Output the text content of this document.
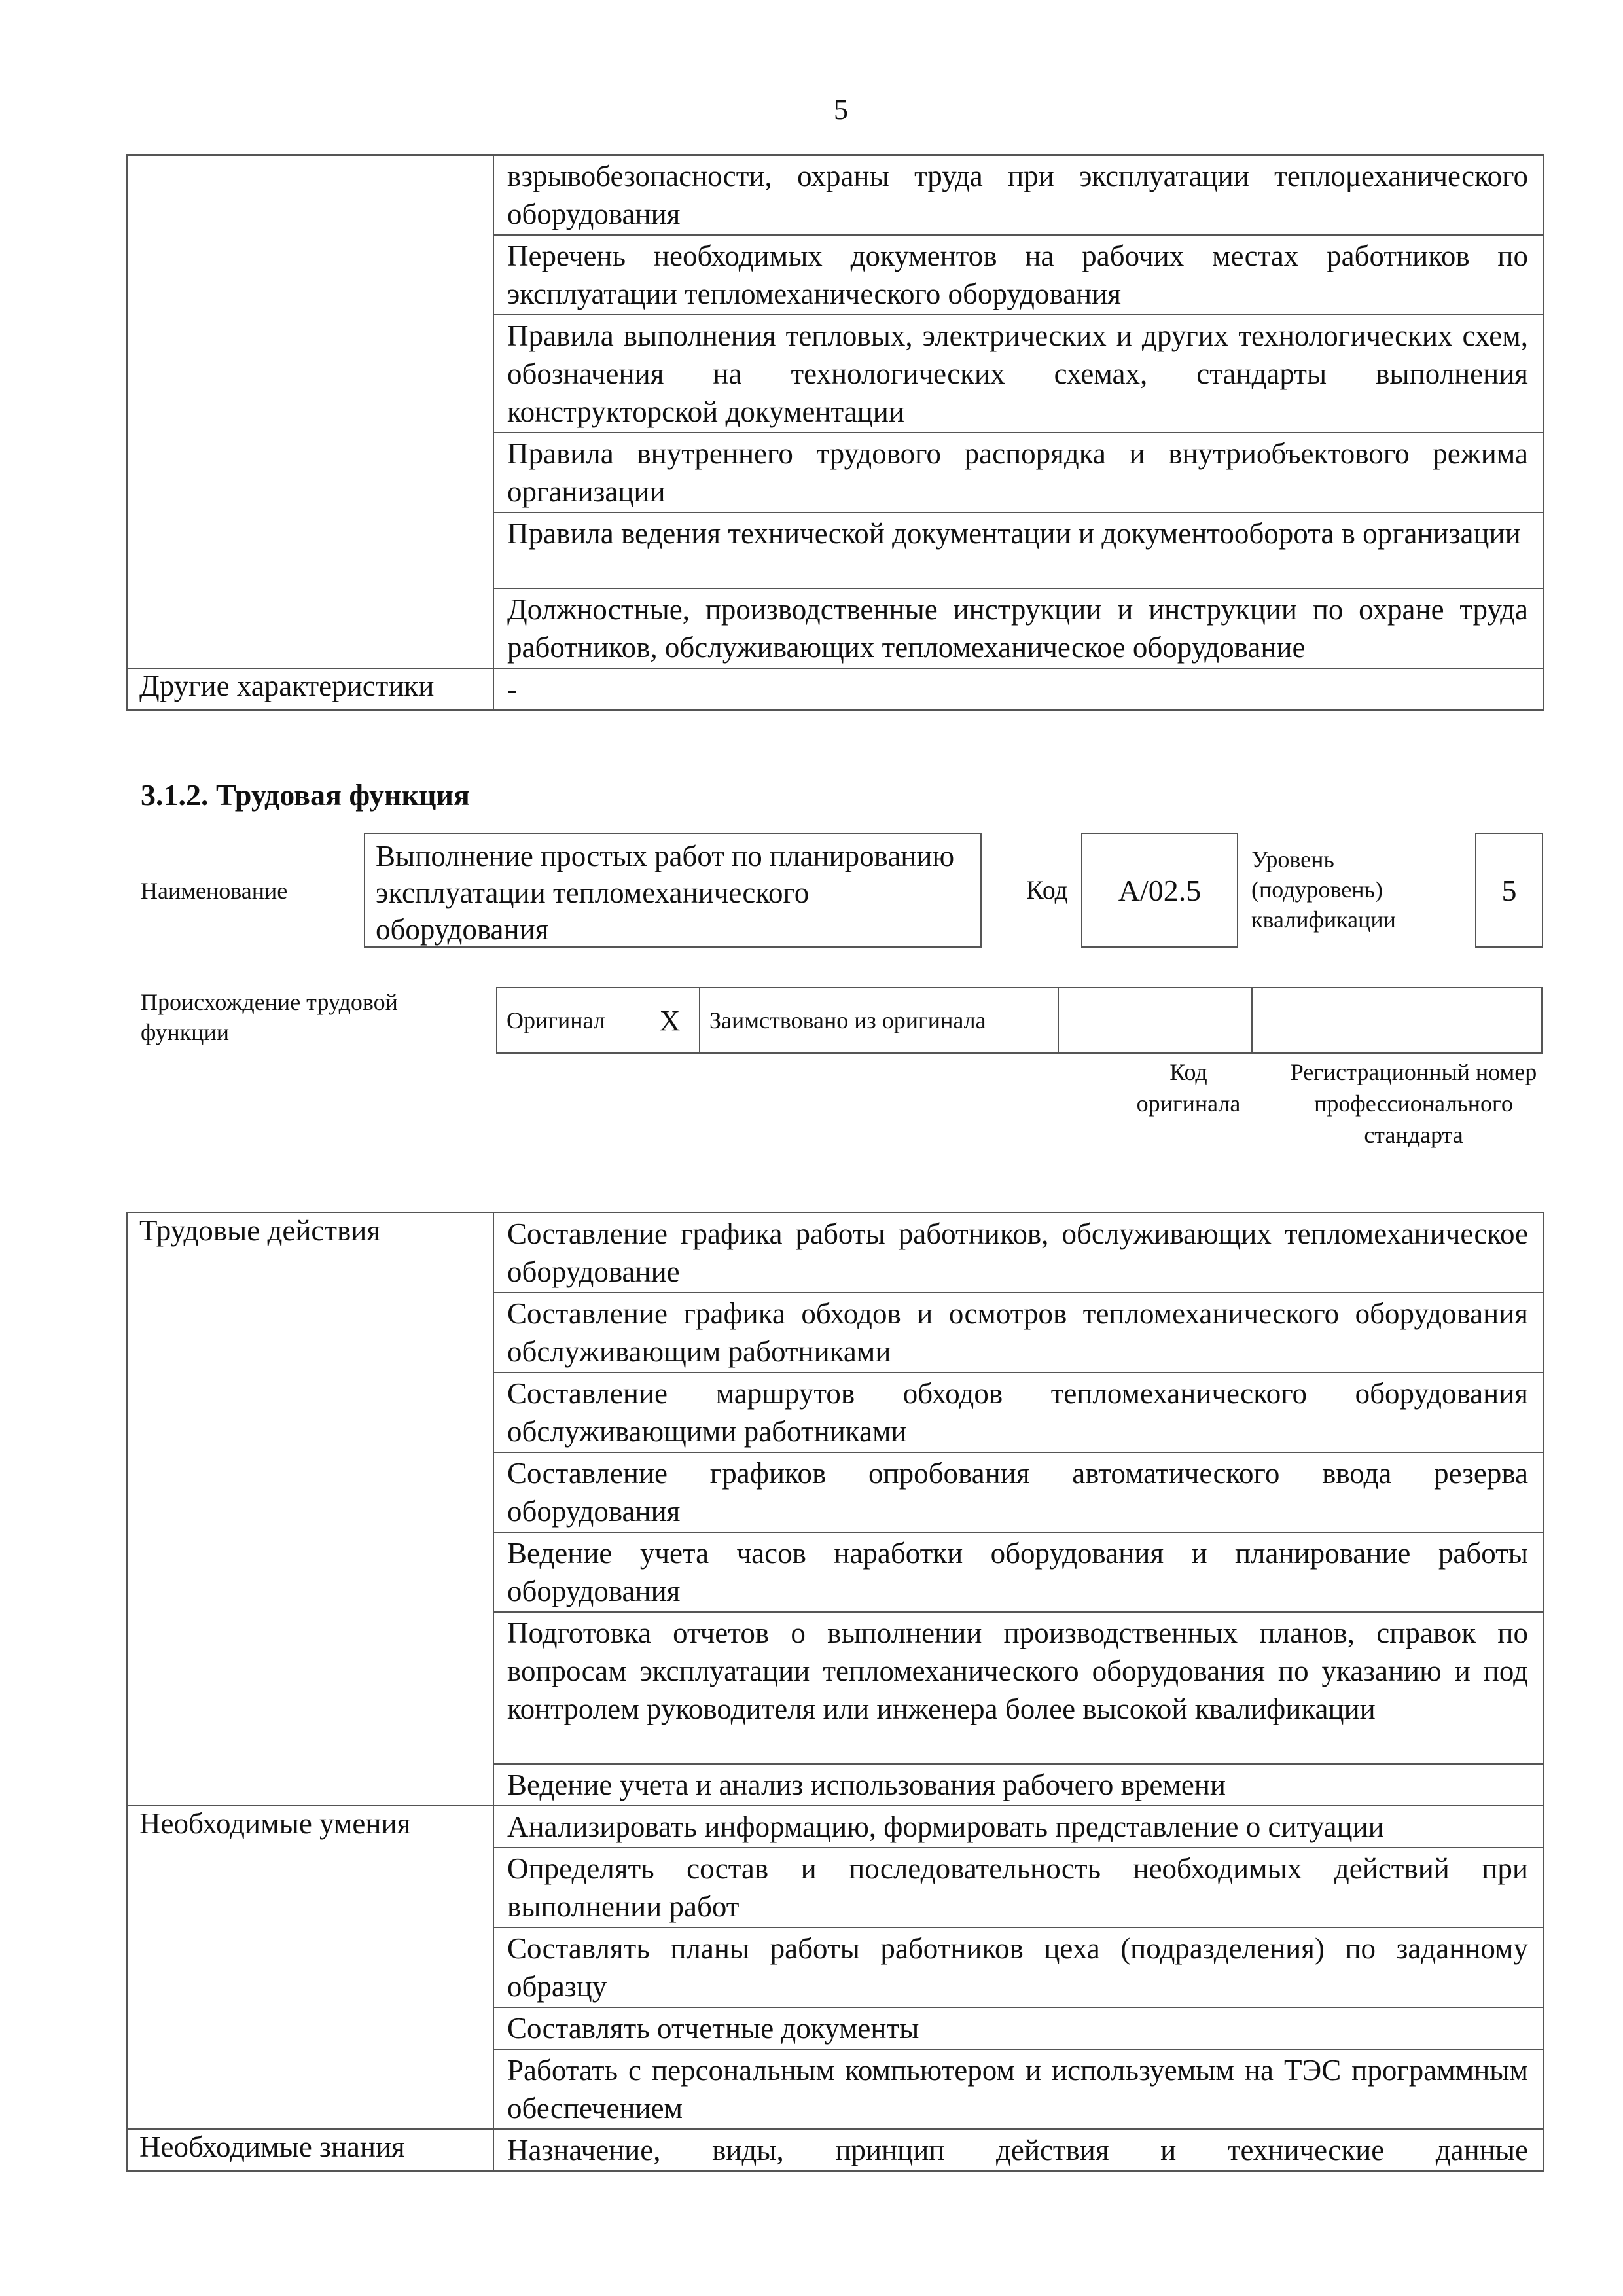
5
	взрывобезопасности, охраны труда при эксплуатации теплομеханического оборудования
	Перечень необходимых документов на рабочих местах работников по эксплуатации тепломеханического оборудования
	Правила выполнения тепловых, электрических и других технологических схем, обозначения на технологических схемах, стандарты выполнения конструкторской документации
	Правила внутреннего трудового распорядка и внутриобъектового режима организации
	Правила ведения технической документации и документооборота в организации
	Должностные, производственные инструкции и инструкции по охране труда работников, обслуживающих тепломеханическое оборудование
Другие характеристики	-
3.1.2. Трудовая функция
Наименование
Выполнение простых работ по планированию эксплуатации тепломеханического оборудования
Код A/02.5
Уровень (подуровень) квалификации
5
Происхождение трудовой функции	Оригинал	X	Заимствовано из оригинала		
Код оригинала
Регистрационный номер профессионального стандарта
Трудовые действия	Составление графика работы работников, обслуживающих тепломеханическое оборудование
	Составление графика обходов и осмотров тепломеханического оборудования обслуживающим работниками
	Составление маршрутов обходов тепломеханического оборудования обслуживающими работниками
	Составление графиков опробования автоматического ввода резерва оборудования
	Ведение учета часов наработки оборудования и планирование работы оборудования
	Подготовка отчетов о выполнении производственных планов, справок по вопросам эксплуатации тепломеханического оборудования по указанию и под контролем руководителя или инженера более высокой квалификации
	Ведение учета и анализ использования рабочего времени
Необходимые умения	Анализировать информацию, формировать представление о ситуации
	Определять состав и последовательность необходимых действий при выполнении работ
	Составлять планы работы работников цеха (подразделения) по заданному образцу
	Составлять отчетные документы
	Работать с персональным компьютером и используемым на ТЭС программным обеспечением
Необходимые знания	Назначение, виды, принцип действия и технические данные
